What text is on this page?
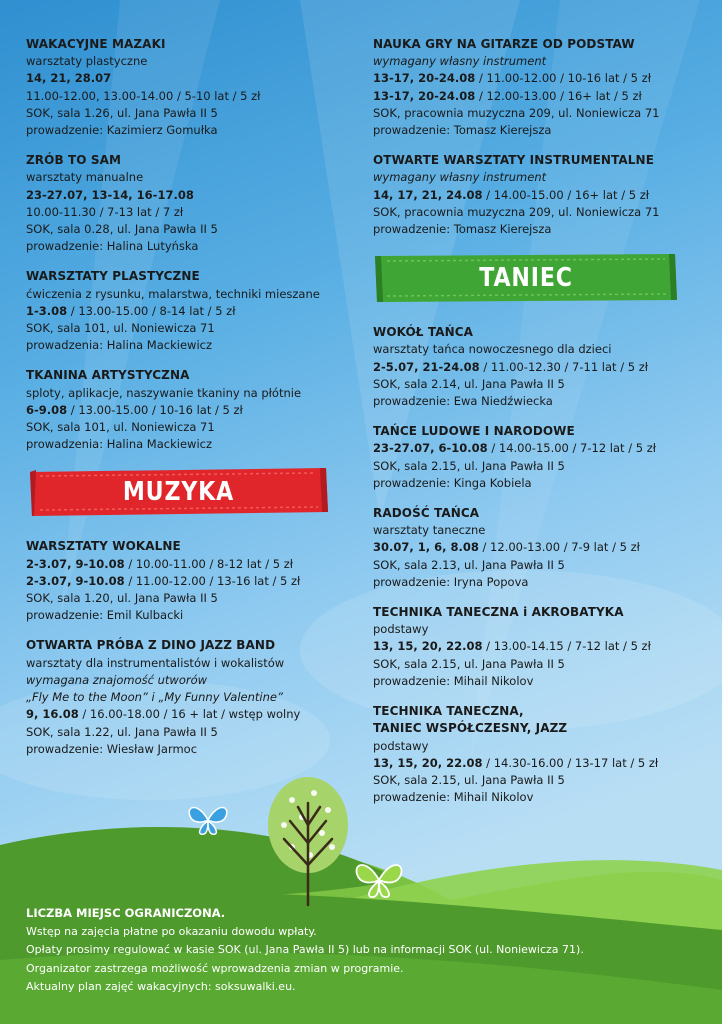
WAKACYJNE MAZAKI
warsztaty plastyczne
14, 21, 28.07
11.00-12.00, 13.00-14.00 / 5-10 lat / 5 zł
SOK, sala 1.26, ul. Jana Pawła II 5
prowadzenie: Kazimierz Gomułka
ZRÓB TO SAM
warsztaty manualne
23-27.07, 13-14, 16-17.08
10.00-11.30 / 7-13 lat / 7 zł
SOK, sala 0.28, ul. Jana Pawła II 5
prowadzenie: Halina Lutyńska
WARSZTATY PLASTYCZNE
ćwiczenia z rysunku, malarstwa, techniki mieszane
1-3.08 / 13.00-15.00 / 8-14 lat / 5 zł
SOK, sala 101, ul. Noniewicza 71
prowadzenia: Halina Mackiewicz
TKANINA ARTYSTYCZNA
sploty, aplikacje, naszywanie tkaniny na płótnie
6-9.08 / 13.00-15.00 / 10-16 lat / 5 zł
SOK, sala 101, ul. Noniewicza 71
prowadzenia: Halina Mackiewicz
MUZYKA
WARSZTATY WOKALNE
2-3.07, 9-10.08 / 10.00-11.00 / 8-12 lat / 5 zł
2-3.07, 9-10.08 / 11.00-12.00 / 13-16 lat / 5 zł
SOK, sala 1.20, ul. Jana Pawła II 5
prowadzenie: Emil Kulbacki
OTWARTA PRÓBA Z DINO JAZZ BAND
warsztaty dla instrumentalistów i wokalistów
wymagana znajomość utworów
„Fly Me to the Moon” i „My Funny Valentine”
9, 16.08 / 16.00-18.00 / 16 + lat / wstęp wolny
SOK, sala 1.22, ul. Jana Pawła II 5
prowadzenie: Wiesław Jarmoc
NAUKA GRY NA GITARZE OD PODSTAW
wymagany własny instrument
13-17, 20-24.08 / 11.00-12.00 / 10-16 lat / 5 zł
13-17, 20-24.08 / 12.00-13.00 / 16+ lat / 5 zł
SOK, pracownia muzyczna 209, ul. Noniewicza 71
prowadzenie: Tomasz Kierejsza
OTWARTE WARSZTATY INSTRUMENTALNE
wymagany własny instrument
14, 17, 21, 24.08 / 14.00-15.00 / 16+ lat / 5 zł
SOK, pracownia muzyczna 209, ul. Noniewicza 71
prowadzenie: Tomasz Kierejsza
TANIEC
WOKÓŁ TAŃCA
warsztaty tańca nowoczesnego dla dzieci
2-5.07, 21-24.08 / 11.00-12.30 / 7-11 lat / 5 zł
SOK, sala 2.14, ul. Jana Pawła II 5
prowadzenie: Ewa Niedźwiecka
TAŃCE LUDOWE I NARODOWE
23-27.07, 6-10.08 / 14.00-15.00 / 7-12 lat / 5 zł
SOK, sala 2.15, ul. Jana Pawła II 5
prowadzenie: Kinga Kobiela
RADOŚĆ TAŃCA
warsztaty taneczne
30.07, 1, 6, 8.08 / 12.00-13.00 / 7-9 lat / 5 zł
SOK, sala 2.13, ul. Jana Pawła II 5
prowadzenie: Iryna Popova
TECHNIKA TANECZNA i AKROBATYKA
podstawy
13, 15, 20, 22.08 / 13.00-14.15 / 7-12 lat / 5 zł
SOK, sala 2.15, ul. Jana Pawła II 5
prowadzenie: Mihail Nikolov
TECHNIKA TANECZNA,
TANIEC WSPÓŁCZESNY, JAZZ
podstawy
13, 15, 20, 22.08 / 14.30-16.00 / 13-17 lat / 5 zł
SOK, sala 2.15, ul. Jana Pawła II 5
prowadzenie: Mihail Nikolov
LICZBA MIEJSC OGRANICZONA.
Wstęp na zajęcia płatne po okazaniu dowodu wpłaty.
Opłaty prosimy regulować w kasie SOK (ul. Jana Pawła II 5) lub na informacji SOK (ul. Noniewicza 71).
Organizator zastrzega możliwość wprowadzenia zmian w programie.
Aktualny plan zajęć wakacyjnych: soksuwalki.eu.
